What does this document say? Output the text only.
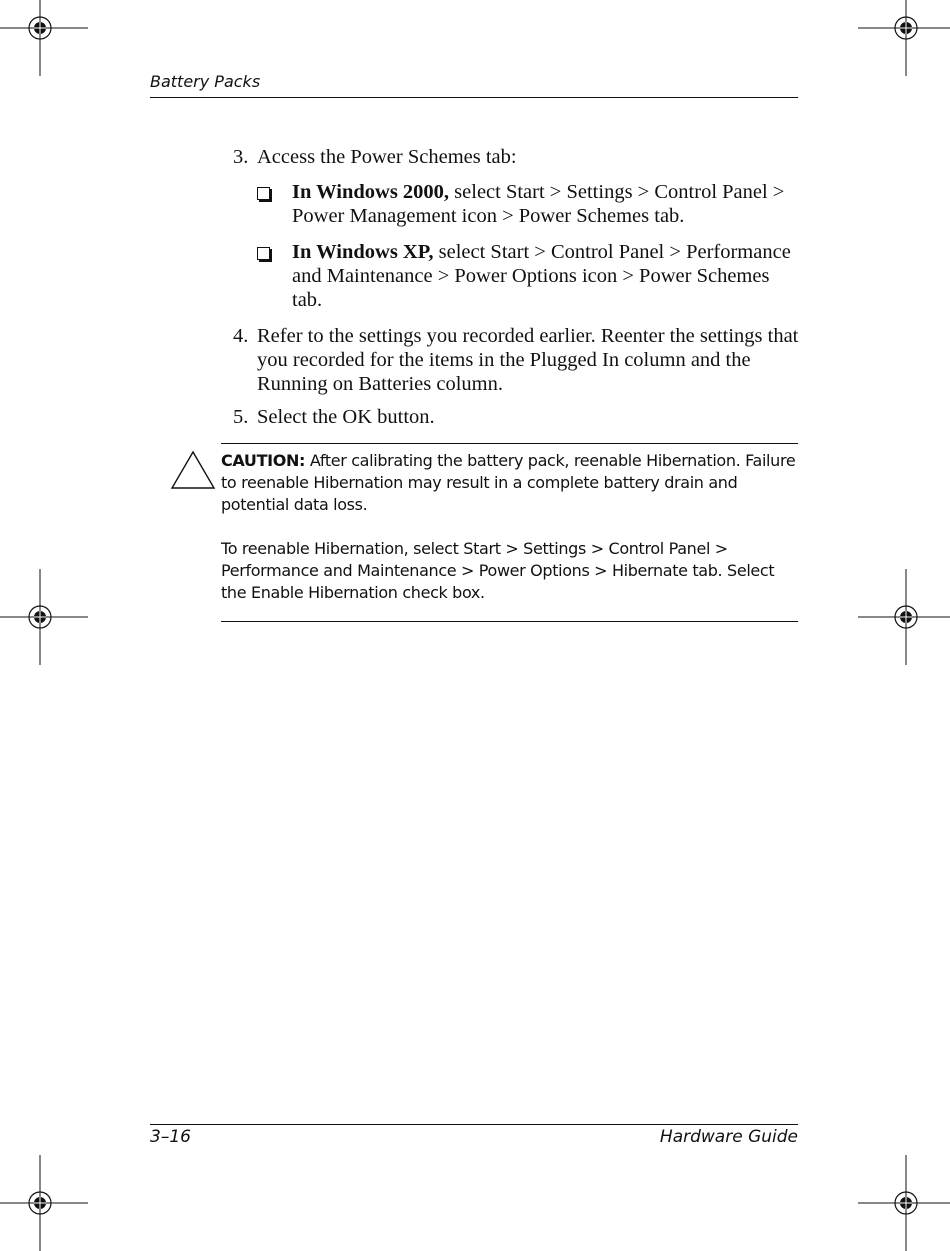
Battery Packs
3. Access the Power Schemes tab:
In Windows 2000, select Start > Settings > Control Panel > Power Management icon > Power Schemes tab.
In Windows XP, select Start > Control Panel > Performance and Maintenance > Power Options icon > Power Schemes tab.
4. Refer to the settings you recorded earlier. Reenter the settings that you recorded for the items in the Plugged In column and the Running on Batteries column.
5. Select the OK button.
CAUTION: After calibrating the battery pack, reenable Hibernation. Failure to reenable Hibernation may result in a complete battery drain and potential data loss.
To reenable Hibernation, select Start > Settings > Control Panel > Performance and Maintenance > Power Options > Hibernate tab. Select the Enable Hibernation check box.
3–16	Hardware Guide
